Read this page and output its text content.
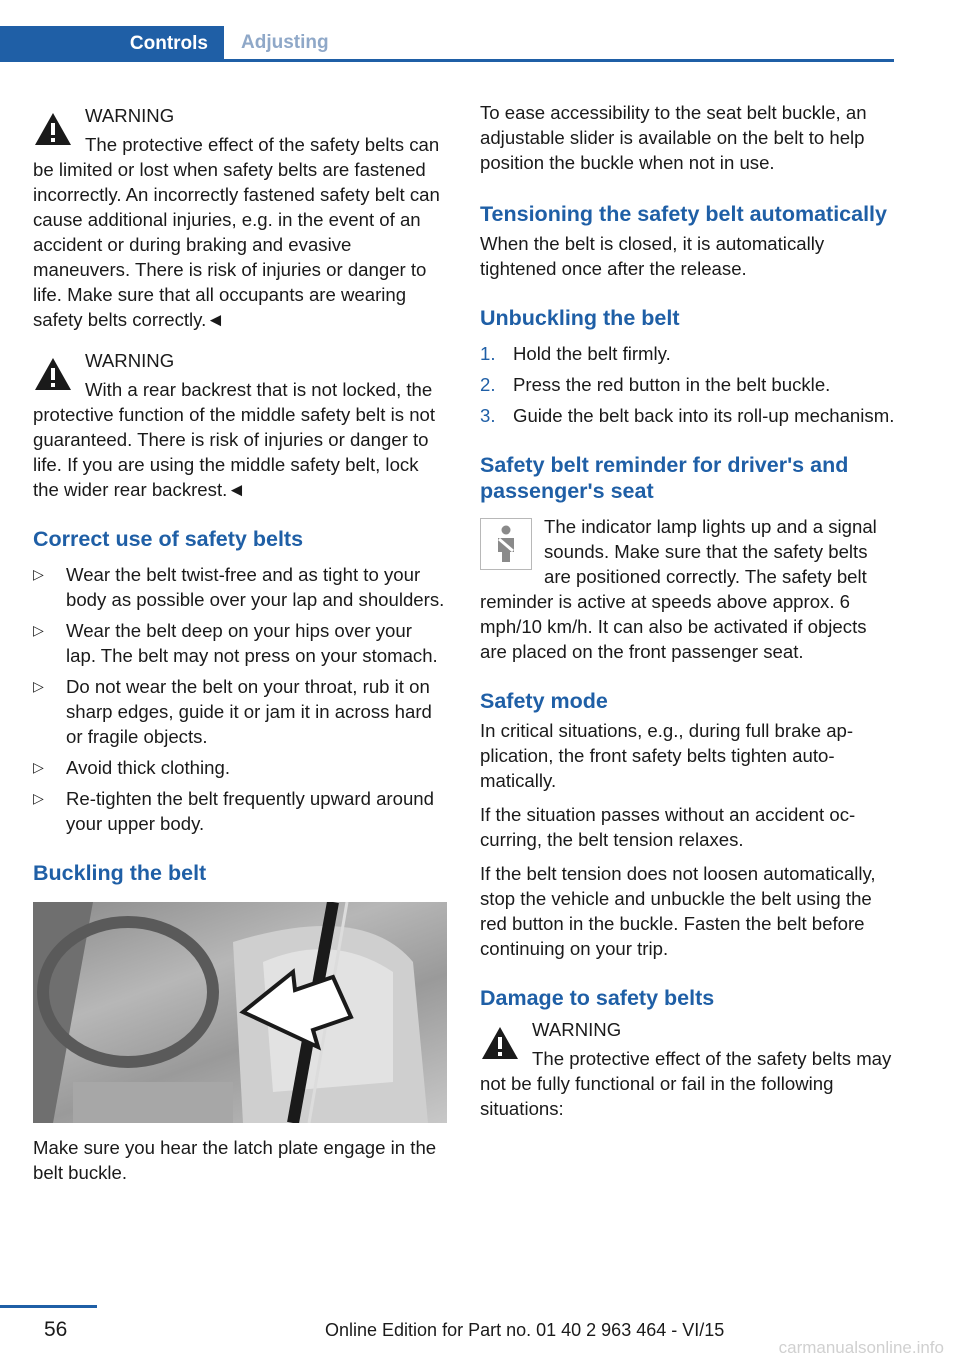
Controls Adjusting
WARNING

The protective effect of the safety belts can be limited or lost when safety belts are fastened incorrectly. An incorrectly fastened safety belt can cause additional injuries, e.g. in the event of an accident or during braking and evasive maneuvers. There is risk of injuries or danger to life. Make sure that all occupants are wearing safety belts correctly.◄

WARNING

With a rear backrest that is not locked, the protective function of the middle safety belt is not guaranteed. There is risk of injuries or danger to life. If you are using the middle safety belt, lock the wider rear backrest.◄

Correct use of safety belts
▷ Wear the belt twist-free and as tight to your body as possible over your lap and shoulders.
▷ Wear the belt deep on your hips over your lap. The belt may not press on your stomach.
▷ Do not wear the belt on your throat, rub it on sharp edges, guide it or jam it in across hard or fragile objects.
▷ Avoid thick clothing.
▷ Re-tighten the belt frequently upward around your upper body.
Buckling the belt

Make sure you hear the latch plate engage in the belt buckle.

To ease accessibility to the seat belt buckle, an adjustable slider is available on the belt to help position the buckle when not in use.

Tensioning the safety belt automatically

When the belt is closed, it is automatically tightened once after the release.

Unbuckling the belt
1. Hold the belt firmly.
2. Press the red button in the belt buckle.
3. Guide the belt back into its roll-up mechanism.
Safety belt reminder for driver's and passenger's seat

The indicator lamp lights up and a signal sounds. Make sure that the safety belts are positioned correctly. The safety belt reminder is active at speeds above approx. 6 mph/10 km/h. It can also be activated if objects are placed on the front passenger seat.

Safety mode

In critical situations, e.g., during full brake application, the front safety belts tighten automatically.

If the situation passes without an accident occurring, the belt tension relaxes.

If the belt tension does not loosen automatically, stop the vehicle and unbuckle the belt using the red button in the buckle. Fasten the belt before continuing on your trip.

Damage to safety belts
WARNING

The protective effect of the safety belts may not be fully functional or fail in the following situations:

56	Online Edition for Part no. 01 40 2 963 464 - VI/15
carmanualsonline.info
